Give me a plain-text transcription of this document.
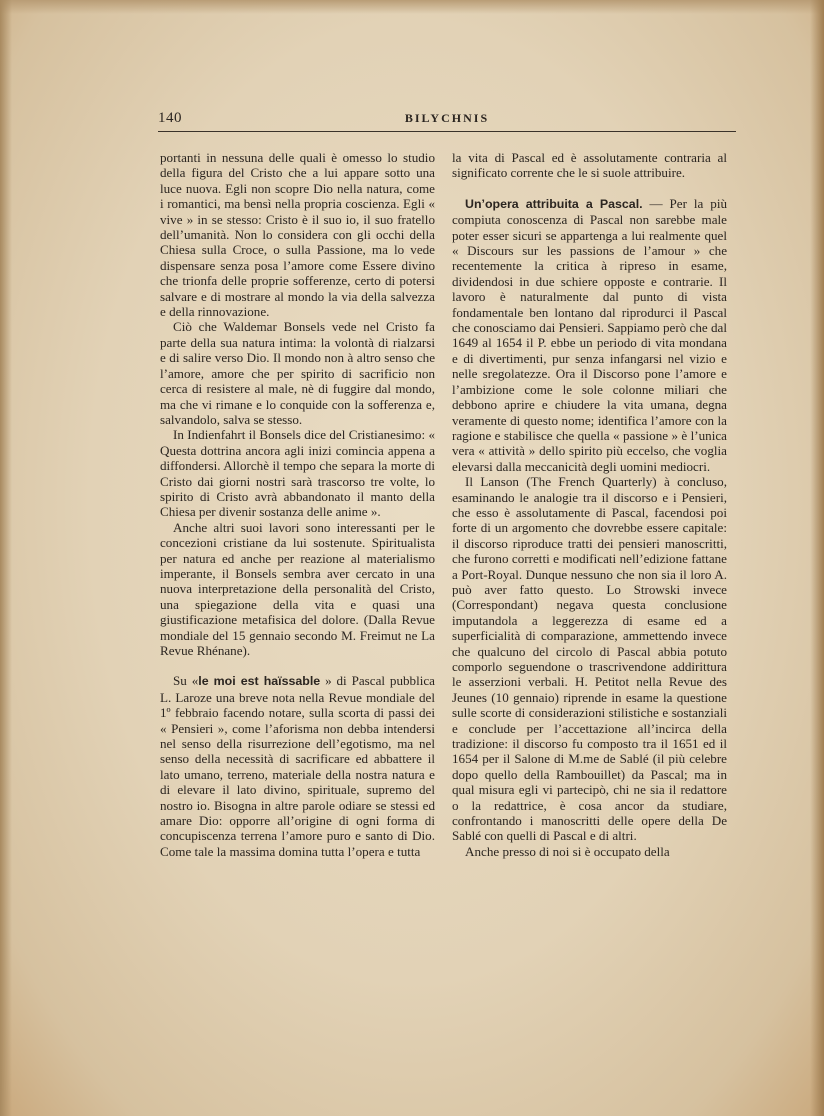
140	BILYCHNIS

portanti in nessuna delle quali è omesso lo studio della figura del Cristo che a lui appare sotto una luce nuova. Egli non scopre Dio nella natura, come i romantici, ma bensì nella propria coscienza. Egli « vive » in se stesso: Cristo è il suo io, il suo fratello dell’umanità. Non lo considera con gli occhi della Chiesa sulla Croce, o sulla Passione, ma lo vede dispensare senza posa l’amore come Essere divino che trionfa delle proprie sofferenze, certo di potersi salvare e di mostrare al mondo la via della salvezza e della rinnovazione.

Ciò che Waldemar Bonsels vede nel Cristo fa parte della sua natura intima: la volontà di rialzarsi e di salire verso Dio. Il mondo non à altro senso che l’amore, amore che per spirito di sacrificio non cerca di resistere al male, nè di fuggire dal mondo, ma che vi rimane e lo conquide con la sofferenza e, salvandolo, salva se stesso.

In Indienfahrt il Bonsels dice del Cristianesimo: « Questa dottrina ancora agli inizi comincia appena a diffondersi. Allorchè il tempo che separa la morte di Cristo dai giorni nostri sarà trascorso tre volte, lo spirito di Cristo avrà abbandonato il manto della Chiesa per divenir sostanza delle anime ».

Anche altri suoi lavori sono interessanti per le concezioni cristiane da lui sostenute. Spiritualista per natura ed anche per reazione al materialismo imperante, il Bonsels sembra aver cercato in una nuova interpretazione della personalità del Cristo, una spiegazione della vita e quasi una giustificazione metafisica del dolore. (Dalla Revue mondiale del 15 gennaio secondo M. Freimut ne La Revue Rhénane).

Su «le moi est haïssable » di Pascal pubblica L. Laroze una breve nota nella Revue mondiale del 1º febbraio facendo notare, sulla scorta di passi dei « Pensieri », come l’aforisma non debba intendersi nel senso della risurrezione dell’egotismo, ma nel senso della necessità di sacrificare ed abbattere il lato umano, terreno, materiale della nostra natura e di elevare il lato divino, spirituale, supremo del nostro io. Bisogna in altre parole odiare se stessi ed amare Dio: opporre all’origine di ogni forma di concupiscenza terrena l’amore puro e santo di Dio. Come tale la massima domina tutta l’opera e tutta

la vita di Pascal ed è assolutamente contraria al significato corrente che le si suole attribuire.

Un’opera attribuita a Pascal. — Per la più compiuta conoscenza di Pascal non sarebbe male poter esser sicuri se appartenga a lui realmente quel « Discours sur les passions de l’amour » che recentemente la critica à ripreso in esame, dividendosi in due schiere opposte e contrarie. Il lavoro è naturalmente dal punto di vista fondamentale ben lontano dal riprodurci il Pascal che conosciamo dai Pensieri. Sappiamo però che dal 1649 al 1654 il P. ebbe un periodo di vita mondana e di divertimenti, pur senza infangarsi nel vizio e nelle sregolatezze. Ora il Discorso pone l’amore e l’ambizione come le sole colonne miliari che debbono aprire e chiudere la vita umana, degna veramente di questo nome; identifica l’amore con la ragione e stabilisce che quella « passione » è l’unica vera « attività » dello spirito più eccelso, che voglia elevarsi dalla meccanicità degli uomini mediocri.

Il Lanson (The French Quarterly) à concluso, esaminando le analogie tra il discorso e i Pensieri, che esso è assolutamente di Pascal, facendosi poi forte di un argomento che dovrebbe essere capitale: il discorso riproduce tratti dei pensieri manoscritti, che furono corretti e modificati nell’edizione fattane a Port-Royal. Dunque nessuno che non sia il loro A. può aver fatto questo. Lo Strowski invece (Correspondant) negava questa conclusione imputandola a leggerezza di esame ed a superficialità di comparazione, ammettendo invece che qualcuno del circolo di Pascal abbia potuto comporlo seguendone o trascrivendone addirittura le asserzioni verbali. H. Petitot nella Revue des Jeunes (10 gennaio) riprende in esame la questione sulle scorte di considerazioni stilistiche e sostanziali e conclude per l’accettazione all’incirca della tradizione: il discorso fu composto tra il 1651 ed il 1654 per il Salone di M.me de Sablé (il più celebre dopo quello della Rambouillet) da Pascal; ma in qual misura egli vi partecipò, chi ne sia il redattore o la redattrice, è cosa ancor da studiare, confrontando i manoscritti delle opere della De Sablé con quelli di Pascal e di altri.

Anche presso di noi si è occupato della
